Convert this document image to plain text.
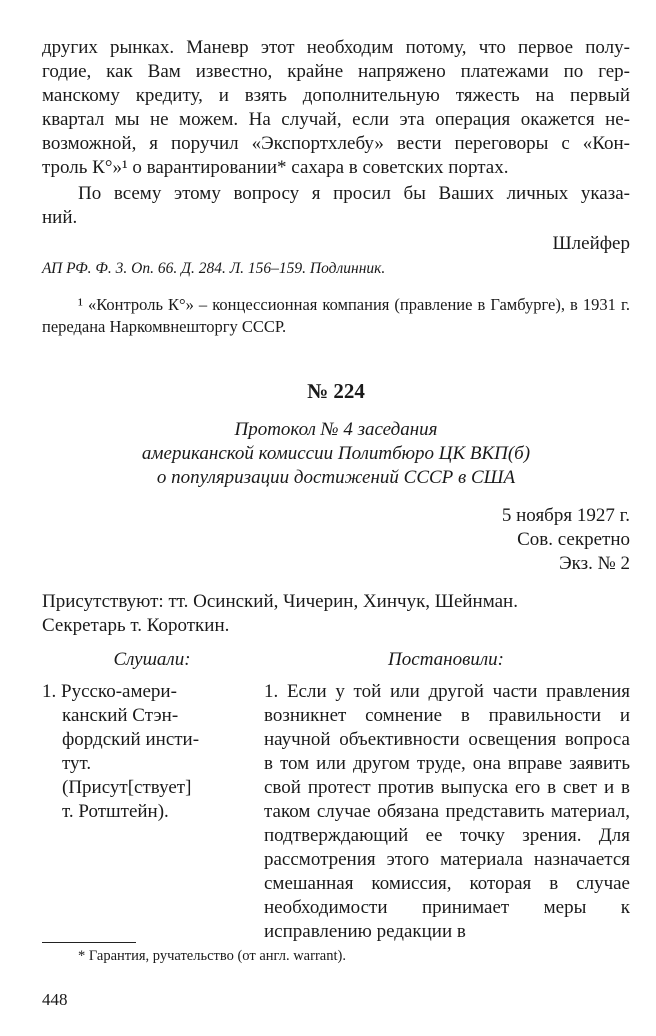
других рынках. Маневр этот необходим потому, что первое полу-
годие, как Вам известно, крайне напряжено платежами по гер-
манскому кредиту, и взять дополнительную тяжесть на первый
квартал мы не можем. На случай, если эта операция окажется не-
возможной, я поручил «Экспортхлебу» вести переговоры с «Кон-
троль К°»¹ о варантировании* сахара в советских портах.

По всему этому вопросу я просил бы Ваших личных указа-
ний.

Шлейфер

АП РФ. Ф. 3. Оп. 66. Д. 284. Л. 156–159. Подлинник.

¹ «Контроль К°» – концессионная компания (правление в Гамбурге), в 1931 г. передана Наркомвнешторгу СССР.

№ 224

Протокол № 4 заседания
американской комиссии Политбюро ЦК ВКП(б)
о популяризации достижений СССР в США
5 ноября 1927 г.
Сов. секретно
Экз. № 2
Присутствуют: тт. Осинский, Чичерин, Хинчук, Шейнман.
Секретарь т. Короткин.
Слушали:	Постановили:
1. Русско-амери-
канский Стэн-
фордский инсти-
тут.
(Присут[ствует]
т. Ротштейн).
1. Если у той или другой части правления возникнет сомнение в правильности и научной объективности освещения вопроса в том или другом труде, она вправе заявить свой протест против выпуска его в свет и в таком случае обязана представить материал, подтверждающий ее точку зрения. Для рассмотрения этого материала назначается смешанная комиссия, которая в случае необходимости принимает меры к исправлению редакции в
* Гарантия, ручательство (от англ. warrant).
448
